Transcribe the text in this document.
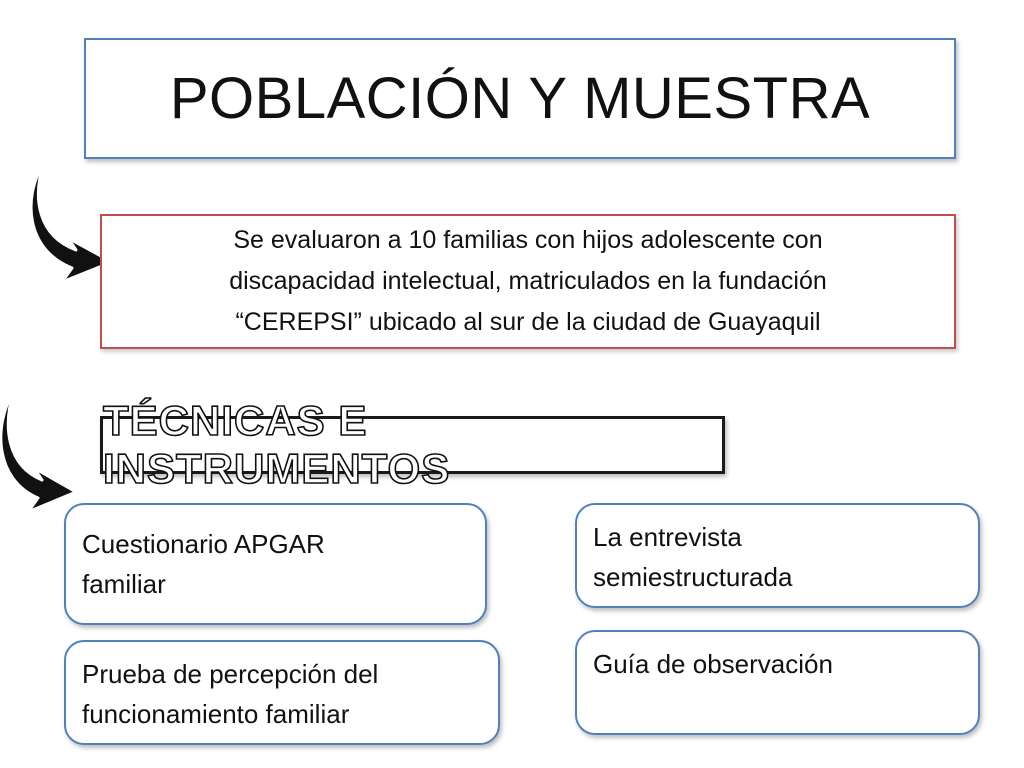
POBLACIÓN Y MUESTRA
Se evaluaron a 10 familias con hijos adolescente con
discapacidad intelectual, matriculados en la fundación
“CEREPSI” ubicado al sur de la ciudad de Guayaquil
TÉCNICAS E INSTRUMENTOS
Cuestionario APGAR
familiar
Prueba de percepción del
funcionamiento familiar
La entrevista
semiestructurada
Guía de observación
